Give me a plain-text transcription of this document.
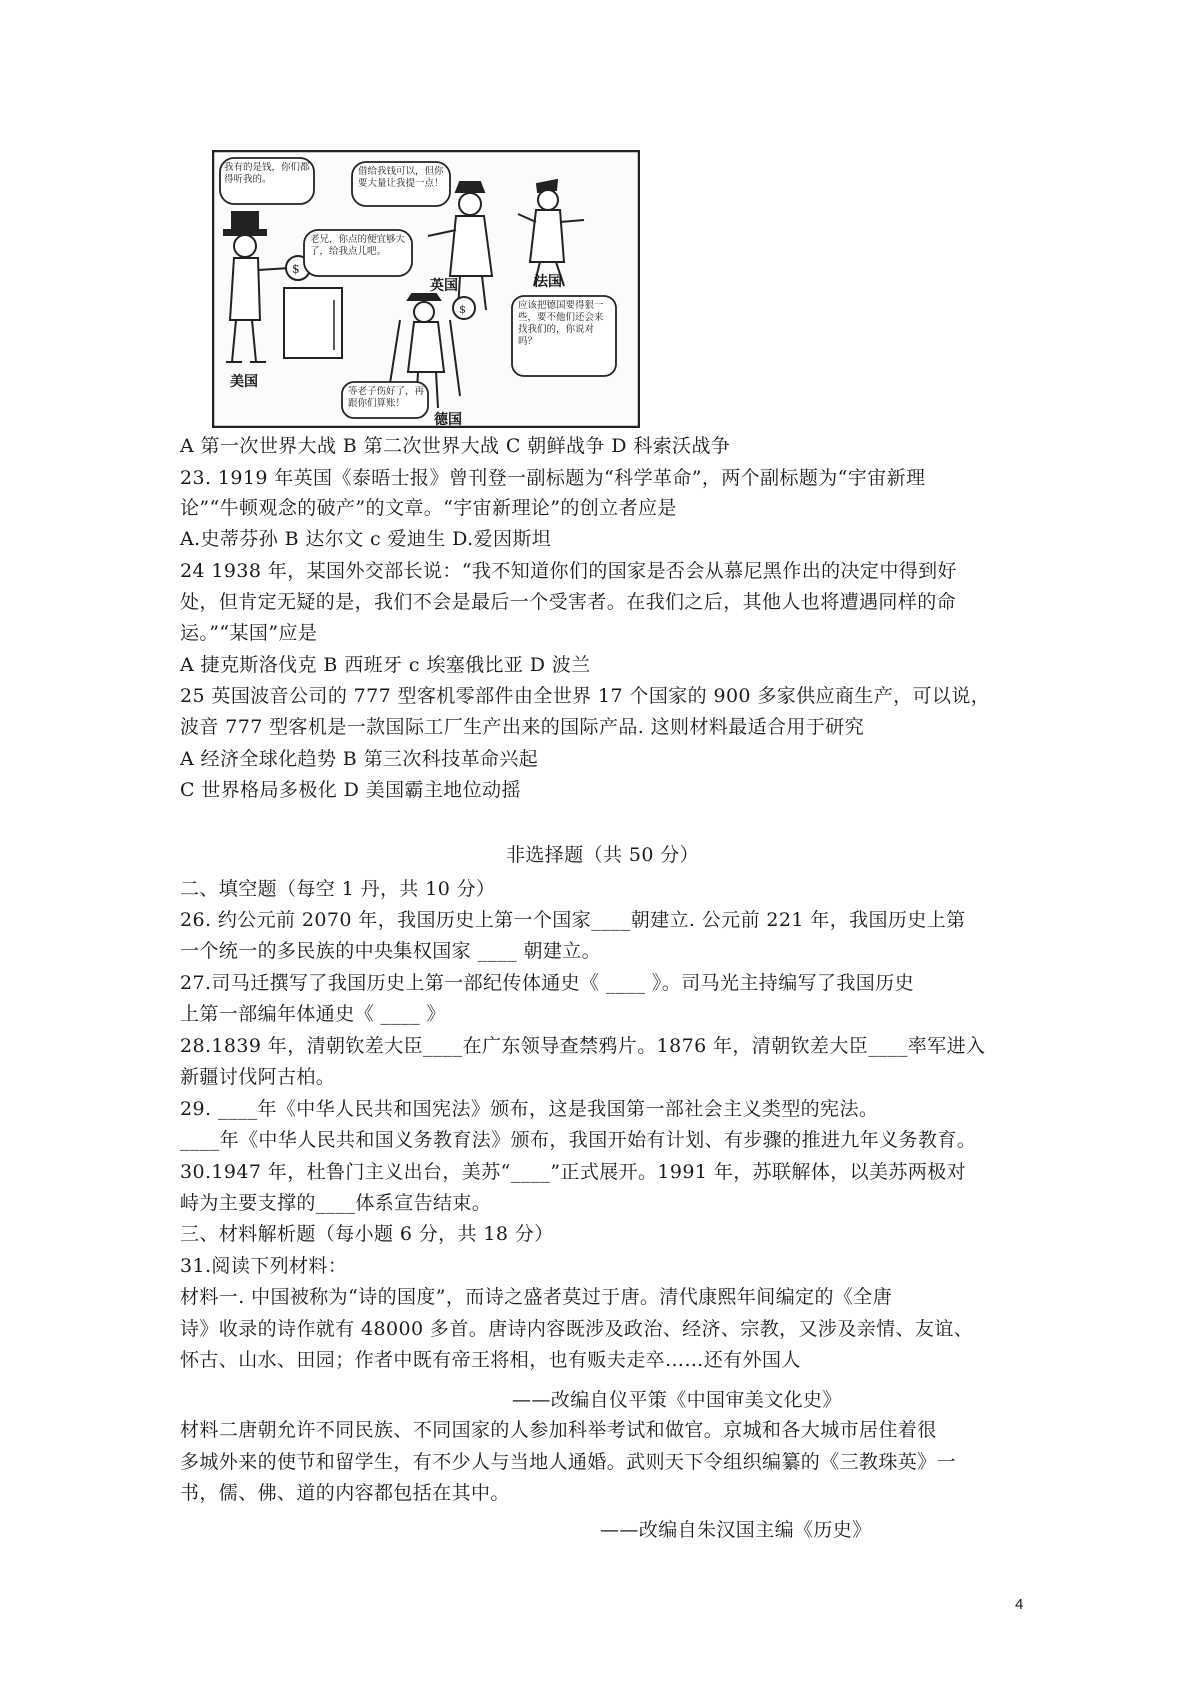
$
$
我有的是钱，你们都得听我的。
借给我钱可以，但你要大量让我提一点！
老兄，你点的便宜够大了，给我点儿吧。
应该把德国要得狠一些，要不他们还会来找我们的，你说对吗？
等老子伤好了，再跟你们算账！
美国
英国	法国
德国
A 第一次世界大战 B 第二次世界大战 C 朝鲜战争 D 科索沃战争
23. 1919 年英国《泰晤士报》曾刊登一副标题为“科学革命”，两个副标题为“宇宙新理
论”“牛顿观念的破产”的文章。“宇宙新理论”的创立者应是
A.史蒂芬孙 B 达尔文 c 爱迪生 D.爱因斯坦
24 1938 年，某国外交部长说：“我不知道你们的国家是否会从慕尼黑作出的决定中得到好
处，但肯定无疑的是，我们不会是最后一个受害者。在我们之后，其他人也将遭遇同样的命
运。”“某国”应是
A 捷克斯洛伐克 B 西班牙 c 埃塞俄比亚 D 波兰
25 英国波音公司的 777 型客机零部件由全世界 17 个国家的 900 多家供应商生产，可以说，
波音 777 型客机是一款国际工厂生产出来的国际产品. 这则材料最适合用于研究
A 经济全球化趋势 B 第三次科技革命兴起
C 世界格局多极化 D 美国霸主地位动摇
非选择题（共 50 分）
二、填空题（每空 1 丹，共 10 分）
26. 约公元前 2070 年，我国历史上第一个国家____朝建立. 公元前 221 年，我国历史上第
一个统一的多民族的中央集权国家 ____ 朝建立。
27.司马迁撰写了我国历史上第一部纪传体通史《 ____ 》。司马光主持编写了我国历史
上第一部编年体通史《 ____ 》
28.1839 年，清朝钦差大臣____在广东领导查禁鸦片。1876 年，清朝钦差大臣____率军进入
新疆讨伐阿古柏。
29. ____年《中华人民共和国宪法》颁布，这是我国第一部社会主义类型的宪法。
____年《中华人民共和国义务教育法》颁布，我国开始有计划、有步骤的推进九年义务教育。
30.1947 年，杜鲁门主义出台，美苏“____”正式展开。1991 年，苏联解体，以美苏两极对
峙为主要支撑的____体系宣告结束。
三、材料解析题（每小题 6 分，共 18 分）
31.阅读下列材料：
材料一. 中国被称为“诗的国度”，而诗之盛者莫过于唐。清代康熙年间编定的《全唐
诗》收录的诗作就有 48000 多首。唐诗内容既涉及政治、经济、宗教，又涉及亲情、友谊、
怀古、山水、田园；作者中既有帝王将相，也有贩夫走卒……还有外国人
——改编自仪平策《中国审美文化史》
材料二唐朝允许不同民族、不同国家的人参加科举考试和做官。京城和各大城市居住着很
多城外来的使节和留学生，有不少人与当地人通婚。武则天下令组织编纂的《三教珠英》一
书，儒、佛、道的内容都包括在其中。
——改编自朱汉国主编《历史》
4
